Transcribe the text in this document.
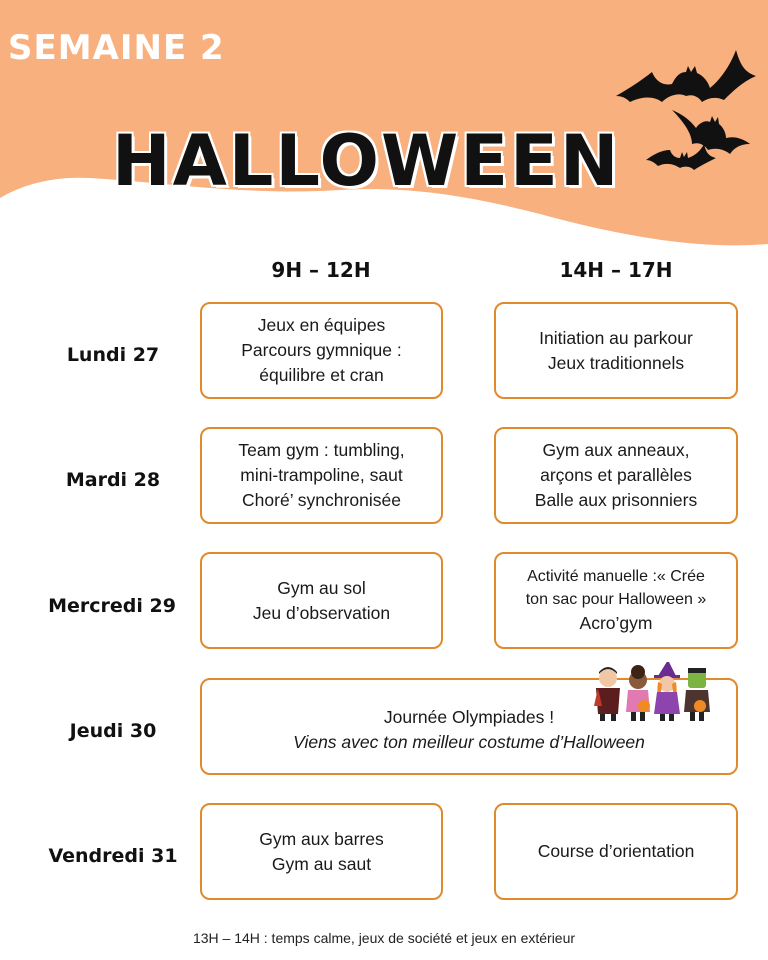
SEMAINE 2
HALLOWEEN
9H – 12H	14H – 17H
Lundi 27
Jeux en équipes
Parcours gymnique :
équilibre et cran
Initiation au parkour
Jeux traditionnels
Mardi 28
Team gym : tumbling,
mini-trampoline, saut
Choré’ synchronisée
Gym aux anneaux,
arçons et parallèles
Balle aux prisonniers
Mercredi 29
Gym au sol
Jeu d’observation
Activité manuelle :« Crée
ton sac pour Halloween »
Acro’gym
Jeudi 30
Journée Olympiades !
Viens avec ton meilleur costume d’Halloween
Vendredi 31
Gym aux barres
Gym au saut
Course d’orientation
13H – 14H : temps calme, jeux de société et jeux en extérieur
